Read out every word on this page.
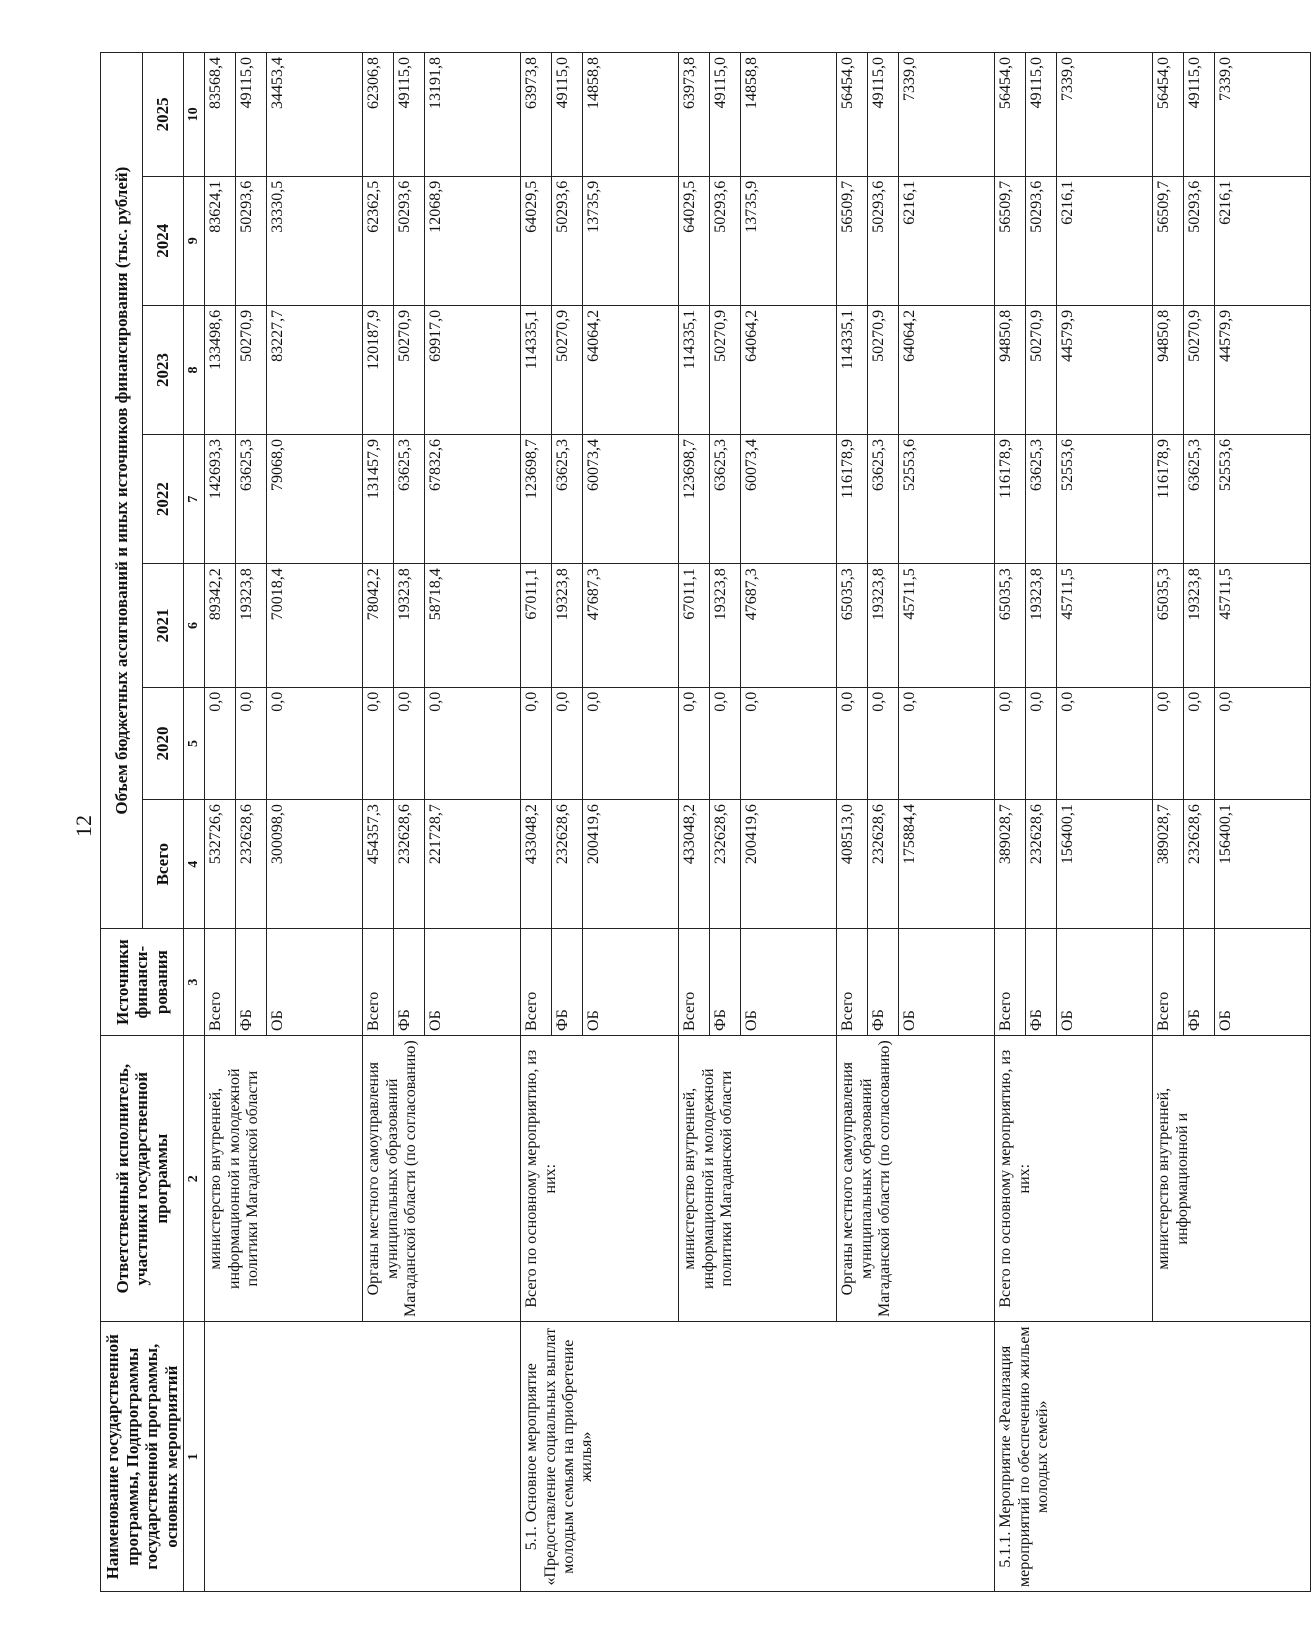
12
Наименование государственной программы, Подпрограммы государственной программы, основных мероприятий	Ответственный исполнитель, участники государственной программы	Источники финанси-рования	Объем бюджетных ассигнований и иных источников финансирования (тыс. рублей)						
			Всего	2020	2021	2022	2023	2024	2025
1	2	3	4	5	6	7	8	9	10
	министерство внутренней, информационной и молодежной политики Магаданской области	Всего	532726,6	0,0	89342,2	142693,3	133498,6	83624,1	83568,4
		ФБ	232628,6	0,0	19323,8	63625,3	50270,9	50293,6	49115,0
		ОБ	300098,0	0,0	70018,4	79068,0	83227,7	33330,5	34453,4
	Органы местного самоуправления муниципальных образований Магаданской области (по согласованию)	Всего	454357,3	0,0	78042,2	131457,9	120187,9	62362,5	62306,8
		ФБ	232628,6	0,0	19323,8	63625,3	50270,9	50293,6	49115,0
		ОБ	221728,7	0,0	58718,4	67832,6	69917,0	12068,9	13191,8
5.1. Основное мероприятие «Предоставление социальных выплат молодым семьям на приобретение жилья»	Всего по основному мероприятию, из них:	Всего	433048,2	0,0	67011,1	123698,7	114335,1	64029,5	63973,8
		ФБ	232628,6	0,0	19323,8	63625,3	50270,9	50293,6	49115,0
		ОБ	200419,6	0,0	47687,3	60073,4	64064,2	13735,9	14858,8
	министерство внутренней, информационной и молодежной политики Магаданской области	Всего	433048,2	0,0	67011,1	123698,7	114335,1	64029,5	63973,8
		ФБ	232628,6	0,0	19323,8	63625,3	50270,9	50293,6	49115,0
		ОБ	200419,6	0,0	47687,3	60073,4	64064,2	13735,9	14858,8
	Органы местного самоуправления муниципальных образований Магаданской области (по согласованию)	Всего	408513,0	0,0	65035,3	116178,9	114335,1	56509,7	56454,0
		ФБ	232628,6	0,0	19323,8	63625,3	50270,9	50293,6	49115,0
		ОБ	175884,4	0,0	45711,5	52553,6	64064,2	6216,1	7339,0
5.1.1. Мероприятие «Реализация мероприятий по обеспечению жильем молодых семей»	Всего по основному мероприятию, из них:	Всего	389028,7	0,0	65035,3	116178,9	94850,8	56509,7	56454,0
		ФБ	232628,6	0,0	19323,8	63625,3	50270,9	50293,6	49115,0
		ОБ	156400,1	0,0	45711,5	52553,6	44579,9	6216,1	7339,0
	министерство внутренней, информационной и	Всего	389028,7	0,0	65035,3	116178,9	94850,8	56509,7	56454,0
		ФБ	232628,6	0,0	19323,8	63625,3	50270,9	50293,6	49115,0
		ОБ	156400,1	0,0	45711,5	52553,6	44579,9	6216,1	7339,0
